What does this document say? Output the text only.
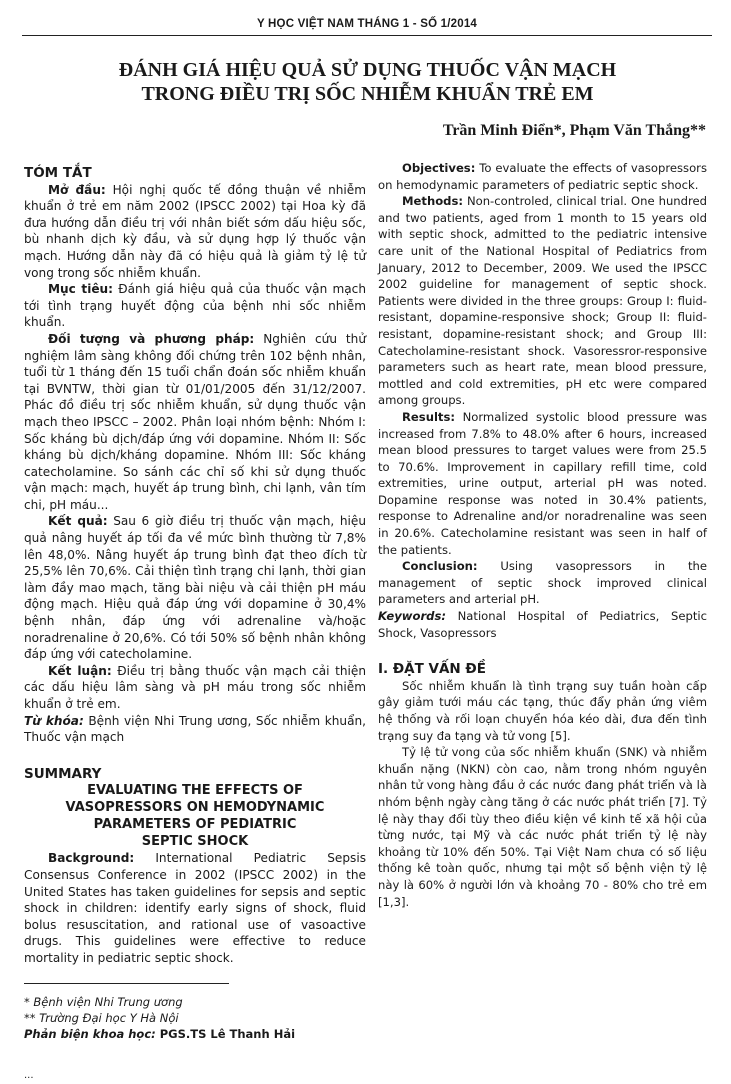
Y HỌC VIỆT NAM THÁNG 1 - SỐ 1/2014
ĐÁNH GIÁ HIỆU QUẢ SỬ DỤNG THUỐC VẬN MẠCH
TRONG ĐIỀU TRỊ SỐC NHIỄM KHUẨN TRẺ EM
Trần Minh Điển*, Phạm Văn Thắng**

TÓM TẮT

Mở đầu: Hội nghị quốc tế đồng thuận về nhiễm khuẩn ở trẻ em năm 2002 (IPSCC 2002) tại Hoa kỳ đã đưa hướng dẫn điều trị với nhân biết sớm dấu hiệu sốc, bù nhanh dịch kỳ đầu, và sử dụng hợp lý thuốc vận mạch. Hướng dẫn này đã có hiệu quả là giảm tỷ lệ tử vong trong sốc nhiễm khuẩn.

Mục tiêu: Đánh giá hiệu quả của thuốc vận mạch tới tình trạng huyết động của bệnh nhi sốc nhiễm khuẩn.

Đối tượng và phương pháp: Nghiên cứu thử nghiệm lâm sàng không đối chứng trên 102 bệnh nhân, tuổi từ 1 tháng đến 15 tuổi chẩn đoán sốc nhiễm khuẩn tại BVNTW, thời gian từ 01/01/2005 đến 31/12/2007. Phác đồ điều trị sốc nhiễm khuẩn, sử dụng thuốc vận mạch theo IPSCC – 2002. Phân loại nhóm bệnh: Nhóm I: Sốc kháng bù dịch/đáp ứng với dopamine. Nhóm II: Sốc kháng bù dịch/kháng dopamine. Nhóm III: Sốc kháng catecholamine. So sánh các chỉ số khi sử dụng thuốc vận mạch: mạch, huyết áp trung bình, chi lạnh, vân tím chi, pH máu...

Kết quả: Sau 6 giờ điều trị thuốc vận mạch, hiệu quả nâng huyết áp tối đa về mức bình thường từ 7,8% lên 48,0%. Nâng huyết áp trung bình đạt theo đích từ 25,5% lên 70,6%. Cải thiện tình trạng chi lạnh, thời gian làm đầy mao mạch, tăng bài niệu và cải thiện pH máu động mạch. Hiệu quả đáp ứng với dopamine ở 30,4% bệnh nhân, đáp ứng với adrenaline và/hoặc noradrenaline ở 20,6%. Có tới 50% số bệnh nhân không đáp ứng với catecholamine.

Kết luận: Điều trị bằng thuốc vận mạch cải thiện các dấu hiệu lâm sàng và pH máu trong sốc nhiễm khuẩn ở trẻ em.

Từ khóa: Bệnh viện Nhi Trung ương, Sốc nhiễm khuẩn, Thuốc vận mạch

SUMMARY

EVALUATING THE EFFECTS OF

VASOPRESSORS ON HEMODYNAMIC

PARAMETERS OF PEDIATRIC

SEPTIC SHOCK

Background: International Pediatric Sepsis Consensus Conference in 2002 (IPSCC 2002) in the United States has taken guidelines for sepsis and septic shock in children: identify early signs of shock, fluid bolus resuscitation, and rational use of vasoactive drugs. This guidelines were effective to reduce mortality in pediatric septic shock.

Objectives: To evaluate the effects of vasopressors on hemodynamic parameters of pediatric septic shock.

Methods: Non-controled, clinical trial. One hundred and two patients, aged from 1 month to 15 years old with septic shock, admitted to the pediatric intensive care unit of the National Hospital of Pediatrics from January, 2012 to December, 2009. We used the IPSCC 2002 guideline for management of septic shock. Patients were divided in the three groups: Group I: fluid-resistant, dopamine-responsive shock; Group II: fluid-resistant, dopamine-resistant shock; and Group III: Catecholamine-resistant shock. Vasoressror-responsive parameters such as heart rate, mean blood pressure, mottled and cold extremities, pH etc were compared among groups.

Results: Normalized systolic blood pressure was increased from 7.8% to 48.0% after 6 hours, increased mean blood pressures to target values were from 25.5 to 70.6%. Improvement in capillary refill time, cold extremities, urine output, arterial pH was noted. Dopamine response was noted in 30.4% patients, response to Adrenaline and/or noradrenaline was seen in 20.6%. Catecholamine resistant was seen in half of the patients.

Conclusion: Using vasopressors in the management of septic shock improved clinical parameters and arterial pH.

Keywords: National Hospital of Pediatrics, Septic Shock, Vasopressors

I. ĐẶT VẤN ĐỀ

Sốc nhiễm khuẩn là tình trạng suy tuần hoàn cấp gây giảm tưới máu các tạng, thúc đẩy phản ứng viêm hệ thống và rối loạn chuyển hóa kéo dài, đưa đến tình trạng suy đa tạng và tử vong [5].

Tỷ lệ tử vong của sốc nhiễm khuẩn (SNK) và nhiễm khuẩn nặng (NKN) còn cao, nằm trong nhóm nguyên nhân tử vong hàng đầu ở các nước đang phát triển và là nhóm bệnh ngày càng tăng ở các nước phát triển [7]. Tỷ lệ này thay đổi tùy theo điều kiện về kinh tế xã hội của từng nước, tại Mỹ và các nước phát triển tỷ lệ này khoảng từ 10% đến 50%. Tại Việt Nam chưa có số liệu thống kê toàn quốc, nhưng tại một số bệnh viện tỷ lệ này là 60% ở người lớn và khoảng 70 - 80% cho trẻ em [1,3].

* Bệnh viện Nhi Trung ương

** Trường Đại học Y Hà Nội

Phản biện khoa học: PGS.TS Lê Thanh Hải

...
